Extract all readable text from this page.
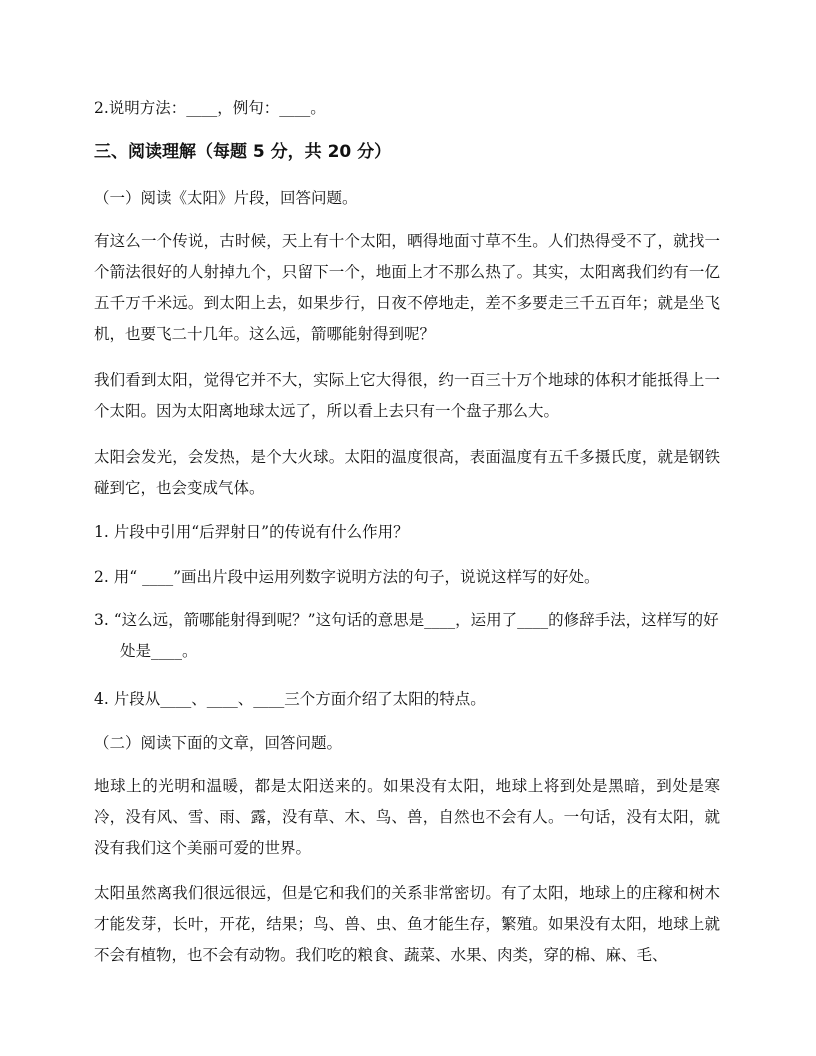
2.说明方法：____，例句：____。
三、阅读理解（每题 5 分，共 20 分）
（一）阅读《太阳》片段，回答问题。
有这么一个传说，古时候，天上有十个太阳，晒得地面寸草不生。人们热得受不了，就找一个箭法很好的人射掉九个，只留下一个，地面上才不那么热了。其实，太阳离我们约有一亿五千万千米远。到太阳上去，如果步行，日夜不停地走，差不多要走三千五百年；就是坐飞机，也要飞二十几年。这么远，箭哪能射得到呢？
我们看到太阳，觉得它并不大，实际上它大得很，约一百三十万个地球的体积才能抵得上一个太阳。因为太阳离地球太远了，所以看上去只有一个盘子那么大。
太阳会发光，会发热，是个大火球。太阳的温度很高，表面温度有五千多摄氏度，就是钢铁碰到它，也会变成气体。
1. 片段中引用“后羿射日”的传说有什么作用？
2. 用“ ____”画出片段中运用列数字说明方法的句子，说说这样写的好处。
3. “这么远，箭哪能射得到呢？”这句话的意思是____，运用了____的修辞手法，这样写的好处是____。
4. 片段从____、____、____三个方面介绍了太阳的特点。
（二）阅读下面的文章，回答问题。
地球上的光明和温暖，都是太阳送来的。如果没有太阳，地球上将到处是黑暗，到处是寒冷，没有风、雪、雨、露，没有草、木、鸟、兽，自然也不会有人。一句话，没有太阳，就没有我们这个美丽可爱的世界。
太阳虽然离我们很远很远，但是它和我们的关系非常密切。有了太阳，地球上的庄稼和树木才能发芽，长叶，开花，结果；鸟、兽、虫、鱼才能生存，繁殖。如果没有太阳，地球上就不会有植物，也不会有动物。我们吃的粮食、蔬菜、水果、肉类，穿的棉、麻、毛、
